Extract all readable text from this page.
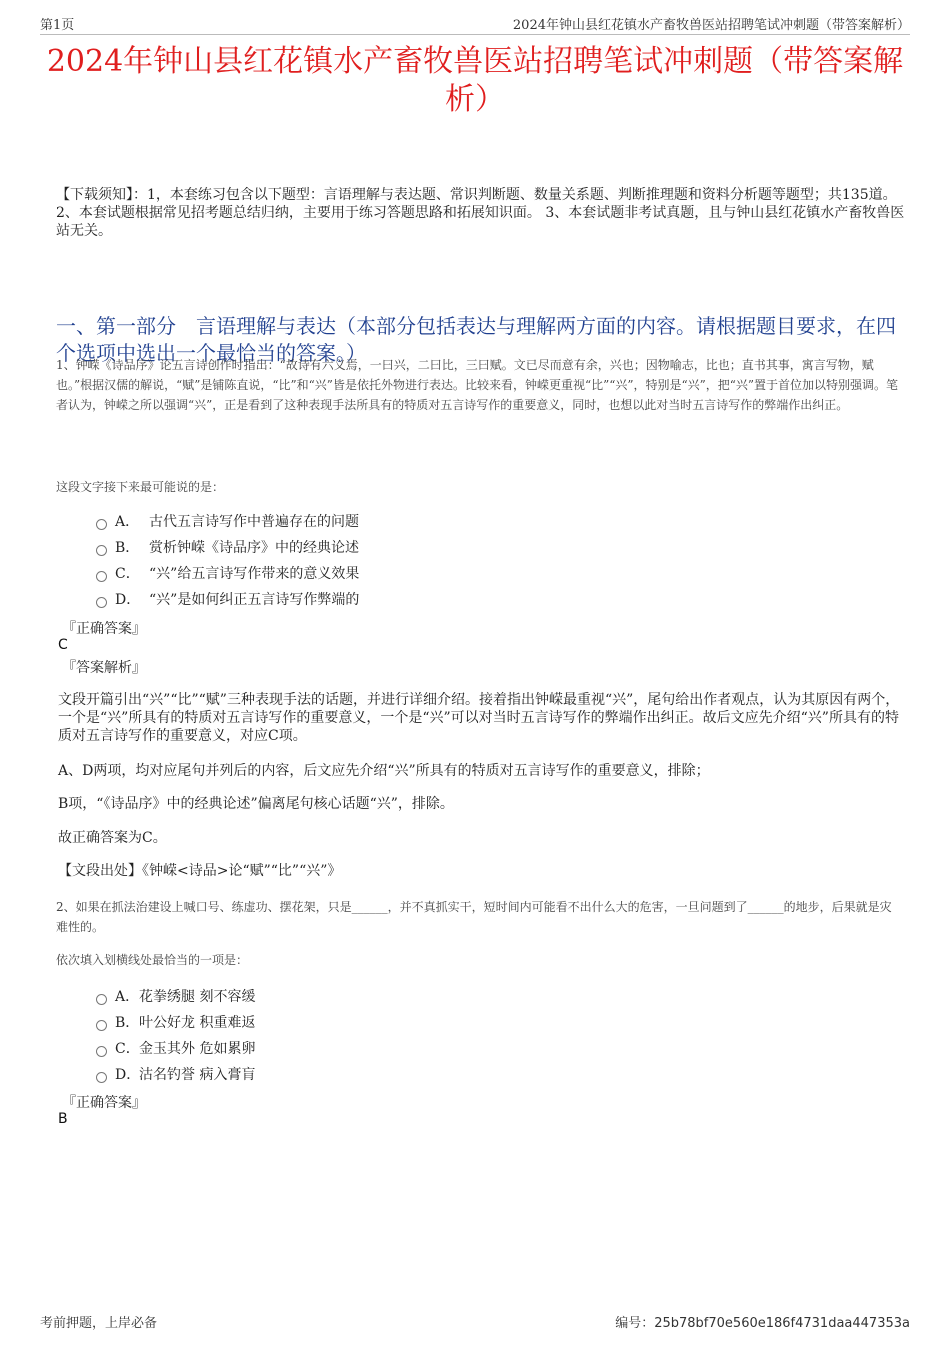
第1页	2024年钟山县红花镇水产畜牧兽医站招聘笔试冲刺题（带答案解析）
2024年钟山县红花镇水产畜牧兽医站招聘笔试冲刺题（带答案解析）
【下载须知】：1，本套练习包含以下题型：言语理解与表达题、常识判断题、数量关系题、判断推理题和资料分析题等题型；共135道。 2、本套试题根据常见招考题总结归纳，主要用于练习答题思路和拓展知识面。 3、本套试题非考试真题，且与钟山县红花镇水产畜牧兽医站无关。
一、第一部分　言语理解与表达（本部分包括表达与理解两方面的内容。请根据题目要求，在四个选项中选出一个最恰当的答案。）
1、钟嵘《诗品序》论五言诗创作时指出：“故诗有六义焉，一曰兴，二曰比，三曰赋。文已尽而意有余，兴也；因物喻志，比也；直书其事，寓言写物，赋也。”根据汉儒的解说，“赋”是铺陈直说，“比”和“兴”皆是依托外物进行表达。比较来看，钟嵘更重视“比”“兴”，特别是“兴”，把“兴”置于首位加以特别强调。笔者认为，钟嵘之所以强调“兴”，正是看到了这种表现手法所具有的特质对五言诗写作的重要意义，同时，也想以此对当时五言诗写作的弊端作出纠正。
这段文字接下来最可能说的是：
A． 古代五言诗写作中普遍存在的问题
B． 赏析钟嵘《诗品序》中的经典论述
C． “兴”给五言诗写作带来的意义效果
D． “兴”是如何纠正五言诗写作弊端的
『正确答案』
C
『答案解析』
文段开篇引出“兴”“比”“赋”三种表现手法的话题，并进行详细介绍。接着指出钟嵘最重视“兴”，尾句给出作者观点，认为其原因有两个，一个是“兴”所具有的特质对五言诗写作的重要意义，一个是“兴”可以对当时五言诗写作的弊端作出纠正。故后文应先介绍“兴”所具有的特质对五言诗写作的重要意义，对应C项。
A、D两项，均对应尾句并列后的内容，后文应先介绍“兴”所具有的特质对五言诗写作的重要意义，排除；
B项，“《诗品序》中的经典论述”偏离尾句核心话题“兴”，排除。
故正确答案为C。
【文段出处】《钟嵘<诗品>论“赋”“比”“兴”》
2、如果在抓法治建设上喊口号、练虚功、摆花架，只是______，并不真抓实干，短时间内可能看不出什么大的危害，一旦问题到了______的地步，后果就是灾难性的。
依次填入划横线处最恰当的一项是：
A． 花拳绣腿 刻不容缓
B． 叶公好龙 积重难返
C． 金玉其外 危如累卵
D．
沽名钓誉 病入膏肓
『正确答案』
B
考前押题，上岸必备	编号：25b78bf70e560e186f4731daa447353a
